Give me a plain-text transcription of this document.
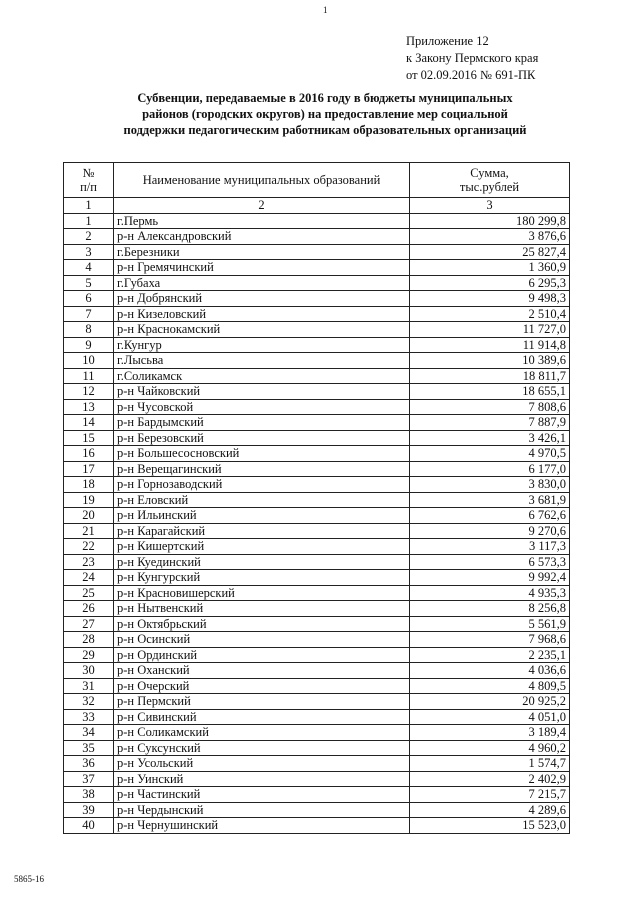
1
Приложение 12
к Закону Пермского края
от 02.09.2016 № 691-ПК
Субвенции, передаваемые в 2016 году в бюджеты муниципальных
районов (городских округов) на предоставление мер социальной
поддержки педагогическим работникам образовательных организаций
№
п/п	Наименование муниципальных образований	Сумма,
тыс.рублей
1	2	3
1	г.Пермь	180 299,8
2	р-н Александровский	3 876,6
3	г.Березники	25 827,4
4	р-н Гремячинский	1 360,9
5	г.Губаха	6 295,3
6	р-н Добрянский	9 498,3
7	р-н Кизеловский	2 510,4
8	р-н Краснокамский	11 727,0
9	г.Кунгур	11 914,8
10	г.Лысьва	10 389,6
11	г.Соликамск	18 811,7
12	р-н Чайковский	18 655,1
13	р-н Чусовской	7 808,6
14	р-н Бардымский	7 887,9
15	р-н Березовский	3 426,1
16	р-н Большесосновский	4 970,5
17	р-н Верещагинский	6 177,0
18	р-н Горнозаводский	3 830,0
19	р-н Еловский	3 681,9
20	р-н Ильинский	6 762,6
21	р-н Карагайский	9 270,6
22	р-н Кишертский	3 117,3
23	р-н Куединский	6 573,3
24	р-н Кунгурский	9 992,4
25	р-н Красновишерский	4 935,3
26	р-н Нытвенский	8 256,8
27	р-н Октябрьский	5 561,9
28	р-н Осинский	7 968,6
29	р-н Ординский	2 235,1
30	р-н Оханский	4 036,6
31	р-н Очерский	4 809,5
32	р-н Пермский	20 925,2
33	р-н Сивинский	4 051,0
34	р-н Соликамский	3 189,4
35	р-н Суксунский	4 960,2
36	р-н Усольский	1 574,7
37	р-н Уинский	2 402,9
38	р-н Частинский	7 215,7
39	р-н Чердынский	4 289,6
40	р-н Чернушинский	15 523,0
5865-16
